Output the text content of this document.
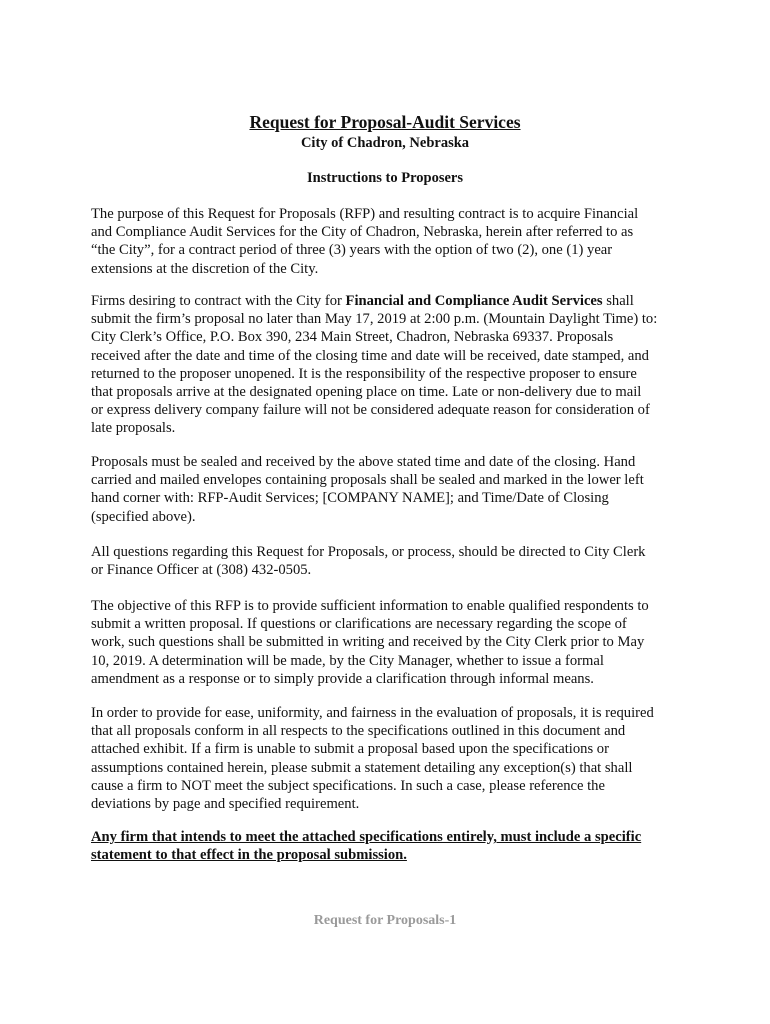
Request for Proposal-Audit Services
City of Chadron, Nebraska
Instructions to Proposers

The purpose of this Request for Proposals (RFP) and resulting contract is to acquire Financial
and Compliance Audit Services for the City of Chadron, Nebraska, herein after referred to as
“the City”, for a contract period of three (3) years with the option of two (2), one (1) year
extensions at the discretion of the City.

Firms desiring to contract with the City for Financial and Compliance Audit Services shall
submit the firm’s proposal no later than May 17, 2019 at 2:00 p.m. (Mountain Daylight Time) to:
City Clerk’s Office, P.O. Box 390, 234 Main Street, Chadron, Nebraska 69337. Proposals
received after the date and time of the closing time and date will be received, date stamped, and
returned to the proposer unopened. It is the responsibility of the respective proposer to ensure
that proposals arrive at the designated opening place on time. Late or non-delivery due to mail
or express delivery company failure will not be considered adequate reason for consideration of
late proposals.

Proposals must be sealed and received by the above stated time and date of the closing. Hand
carried and mailed envelopes containing proposals shall be sealed and marked in the lower left
hand corner with: RFP-Audit Services; [COMPANY NAME]; and Time/Date of Closing
(specified above).

All questions regarding this Request for Proposals, or process, should be directed to City Clerk
or Finance Officer at (308) 432-0505.

The objective of this RFP is to provide sufficient information to enable qualified respondents to
submit a written proposal. If questions or clarifications are necessary regarding the scope of
work, such questions shall be submitted in writing and received by the City Clerk prior to May
10, 2019. A determination will be made, by the City Manager, whether to issue a formal
amendment as a response or to simply provide a clarification through informal means.

In order to provide for ease, uniformity, and fairness in the evaluation of proposals, it is required
that all proposals conform in all respects to the specifications outlined in this document and
attached exhibit. If a firm is unable to submit a proposal based upon the specifications or
assumptions contained herein, please submit a statement detailing any exception(s) that shall
cause a firm to NOT meet the subject specifications. In such a case, please reference the
deviations by page and specified requirement.

Any firm that intends to meet the attached specifications entirely, must include a specific
statement to that effect in the proposal submission.

Request for Proposals-1
